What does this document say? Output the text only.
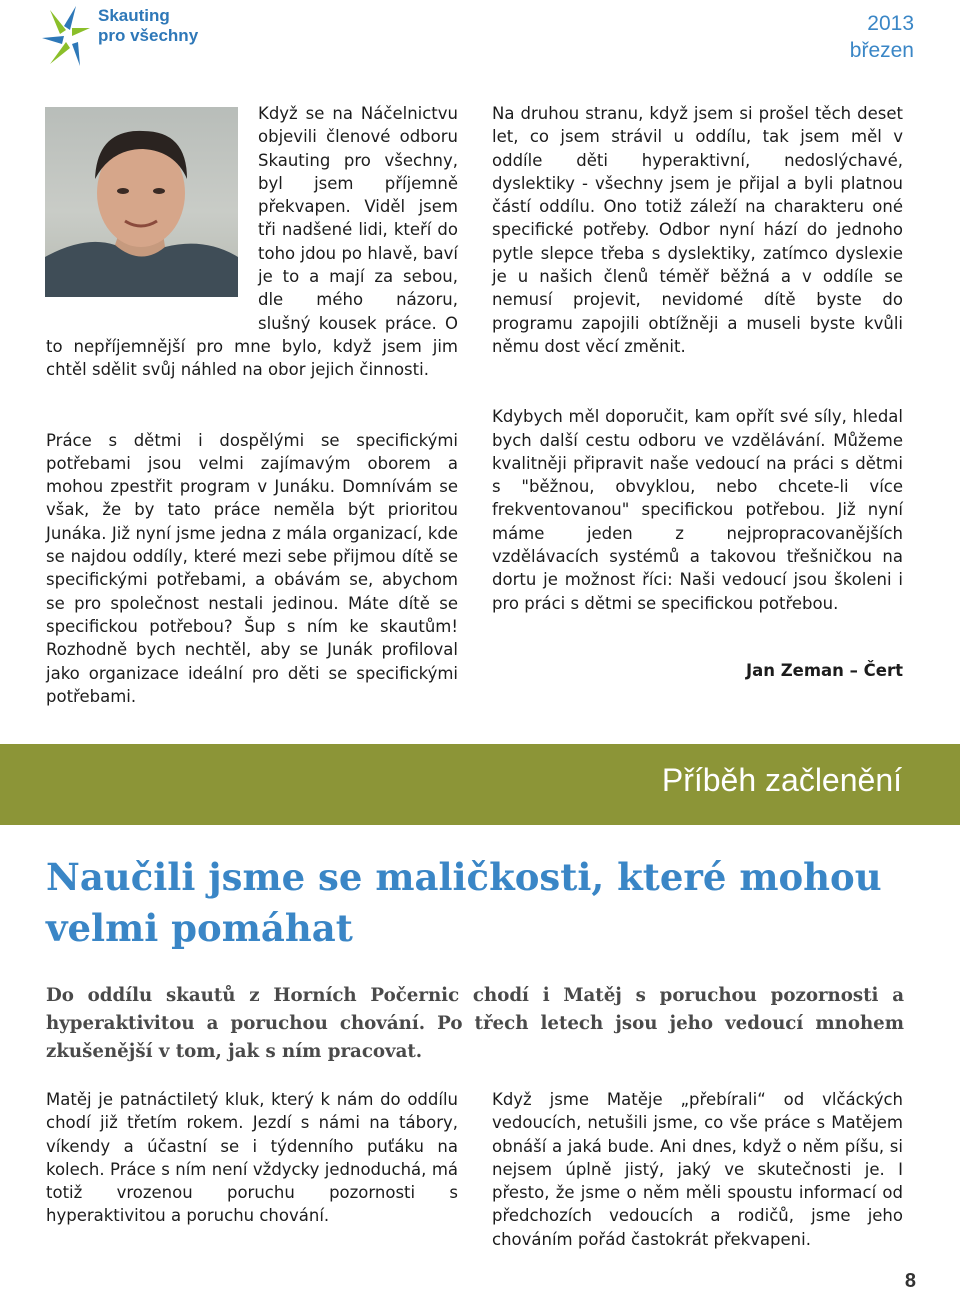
Skauting
pro všechny
2013
březen

Když se na Náčelnictvu objevili členové odboru Skauting pro všechny, byl jsem příjemně překvapen. Viděl jsem tři nadšené lidi, kteří do toho jdou po hlavě, baví je to a mají za sebou, dle mého názoru, slušný kousek práce. O to nepříjemnější pro mne bylo, když jsem jim chtěl sdělit svůj náhled na obor jejich činnosti.

Práce s dětmi i dospělými se specifickými potřebami jsou velmi zajímavým oborem a mohou zpestřit program v Junáku. Domnívám se však, že by tato práce neměla být prioritou Junáka. Již nyní jsme jedna z mála organizací, kde se najdou oddíly, které mezi sebe přijmou dítě se specifickými potřebami, a obávám se, abychom se pro společnost nestali jedinou. Máte dítě se specifickou potřebou? Šup s ním ke skautům! Rozhodně bych nechtěl, aby se Junák profiloval jako organizace ideální pro děti se specifickými potřebami.

Na druhou stranu, když jsem si prošel těch deset let, co jsem strávil u oddílu, tak jsem měl v oddíle děti hyperaktivní, nedoslýchavé, dyslektiky - všechny jsem je přijal a byli platnou částí oddílu. Ono totiž záleží na charakteru oné specifické potřeby. Odbor nyní hází do jednoho pytle slepce třeba s dyslektiky, zatímco dyslexie je u našich členů téměř běžná a v oddíle se nemusí projevit, nevidomé dítě byste do programu zapojili obtížněji a museli byste kvůli němu dost věcí změnit.

Kdybych měl doporučit, kam opřít své síly, hledal bych další cestu odboru ve vzdělávání. Můžeme kvalitněji připravit naše vedoucí na práci s dětmi s "běžnou, obvyklou, nebo chcete-li více frekventovanou" specifickou potřebou. Již nyní máme jeden z nejpropracovanějších vzdělávacích systémů a takovou třešničkou na dortu je možnost říci: Naši vedoucí jsou školeni i pro práci s dětmi se specifickou potřebou.

Jan Zeman – Čert
Příběh začlenění
Naučili jsme se maličkosti, které mohou velmi pomáhat
Do oddílu skautů z Horních Počernic chodí i Matěj s poruchou pozornosti a hyperaktivitou a poruchou chování. Po třech letech jsou jeho vedoucí mnohem zkušenější v tom, jak s ním pracovat.

Matěj je patnáctiletý kluk, který k nám do oddílu chodí již třetím rokem. Jezdí s námi na tábory, víkendy a účastní se i týdenního puťáku na kolech. Práce s ním není vždycky jednoduchá, má totiž vrozenou poruchu pozornosti s hyperaktivitou a poruchu chování.

Když jsme Matěje „přebírali“ od vlčáckých vedoucích, netušili jsme, co vše práce s Matějem obnáší a jaká bude. Ani dnes, když o něm píšu, si nejsem úplně jistý, jaký ve skutečnosti je. I přesto, že jsme o něm měli spoustu informací od předchozích vedoucích a rodičů, jsme jeho chováním pořád častokrát překvapeni.

8
